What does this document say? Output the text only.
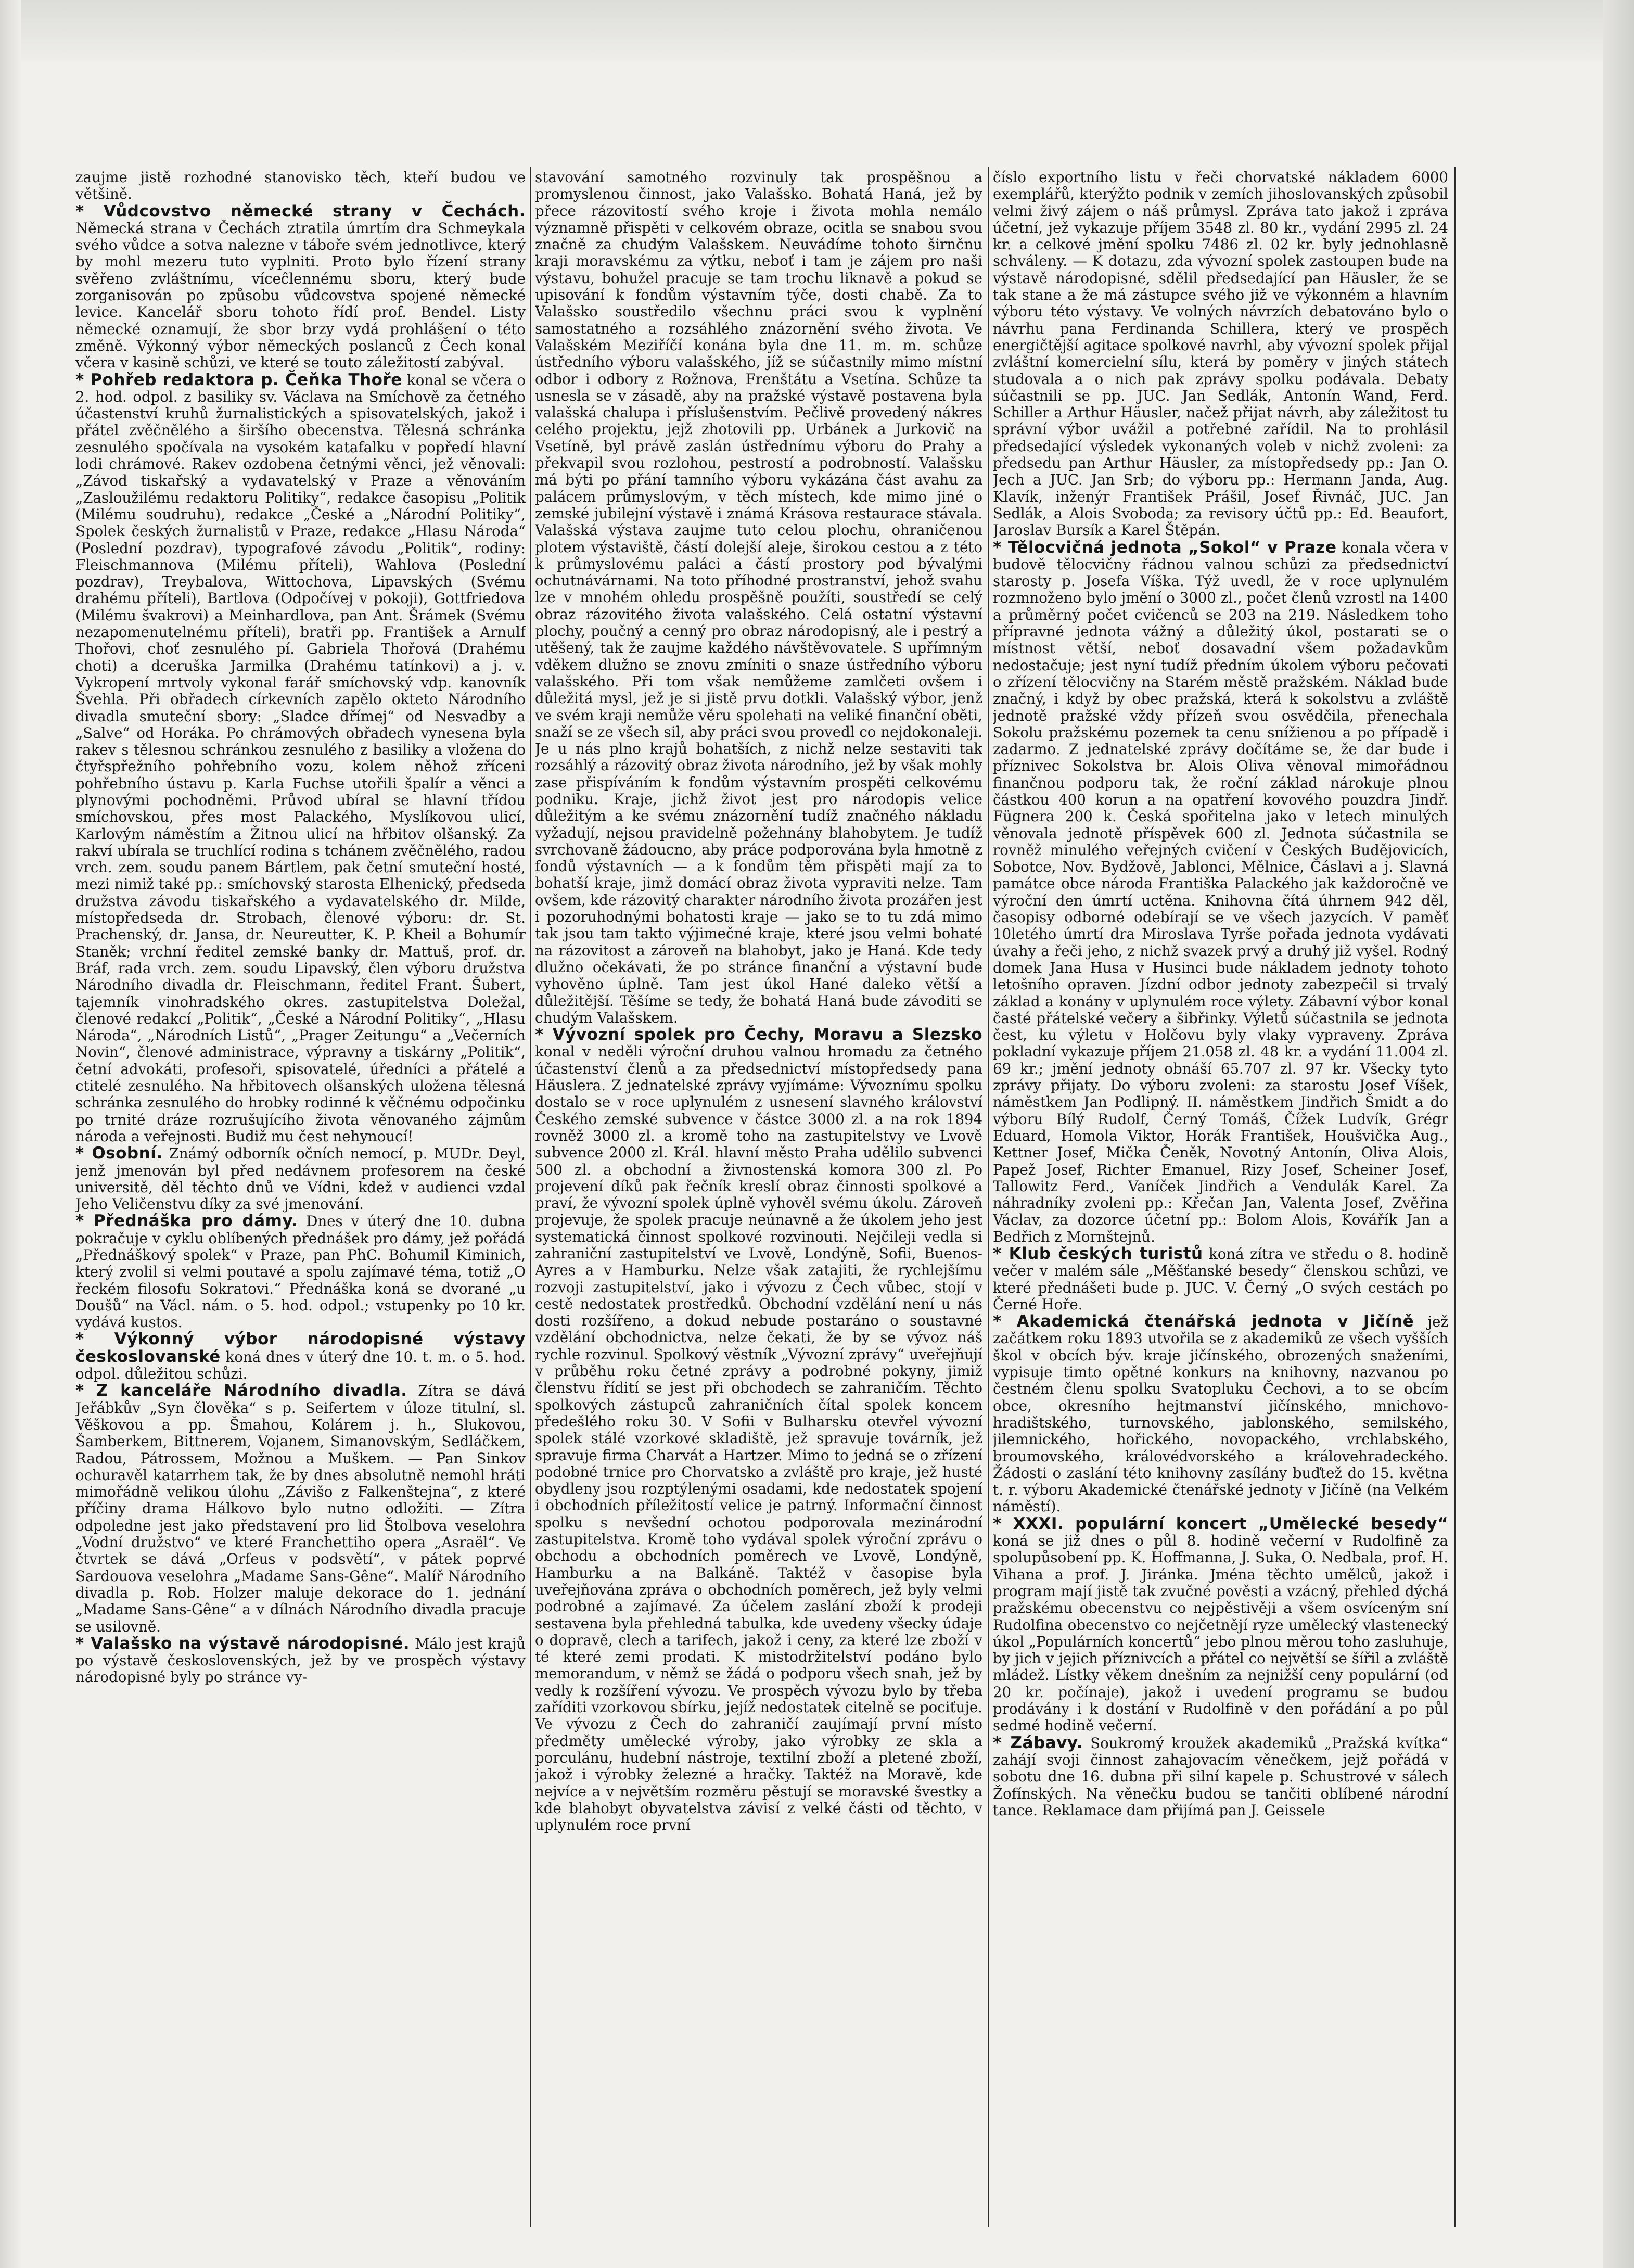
zaujme jistě rozhodné stanovisko těch, kteří budou ve většině.

* Vůdcovstvo německé strany v Čechách. Německá strana v Čechách ztratila úmrtím dra Schmeykala svého vůdce a sotva nalezne v táboře svém jednotlivce, který by mohl mezeru tuto vyplniti. Proto bylo řízení strany svěřeno zvláštnímu, víceĉlennému sboru, který bude zorganisován po způsobu vůdcovstva spojené německé levice. Kancelář sboru tohoto řídí prof. Bendel. Listy německé oznamují, že sbor brzy vydá prohlášení o této změně. Výkonný výbor německých poslanců z Čech konal včera v kasině schůzi, ve které se touto záležitostí zabýval.

* Pohřeb redaktora p. Čeňka Thoře konal se včera o 2. hod. odpol. z basiliky sv. Václava na Smíchově za četného účastenství kruhů žurnalistických a spisovatelských, jakož i přátel zvěčnělého a širšího obecenstva. Tělesná schránka zesnulého spočívala na vysokém katafalku v popředí hlavní lodi chrámové. Rakev ozdobena četnými věnci, jež věnovali: „Závod tiskařský a vydavatelský v Praze a věnováním „Zasloužilému redaktoru Politiky“, redakce časopisu „Politik (Milému soudruhu), redakce „České a „Národní Politiky“, Spolek českých žurnalistů v Praze, redakce „Hlasu Národa“ (Poslední pozdrav), typografové závodu „Politik“, rodiny: Fleischmannova (Milému příteli), Wahlova (Poslední pozdrav), Treybalova, Wittochova, Lipavských (Svému drahému příteli), Bartlova (Odpočívej v pokoji), Gottfriedova (Milému švakrovi) a Meinhardlova, pan Ant. Šrámek (Svému nezapomenutelnému příteli), bratři pp. František a Arnulf Thořovi, choť zesnulého pí. Gabriela Thořová (Drahému choti) a dceruška Jarmilka (Drahému tatínkovi) a j. v. Vykropení mrtvoly vykonal farář smíchovský vdp. kanovník Švehla. Při obřadech církevních zapělo okteto Národního divadla smuteční sbory: „Sladce dřímej“ od Nesvadby a „Salve“ od Horáka. Po chrámových obřadech vynesena byla rakev s tělesnou schránkou zesnulého z basiliky a vložena do čtyřspřežního pohřebního vozu, kolem něhož zříceni pohřebního ústavu p. Karla Fuchse utořili špalír a věnci a plynovými pochodněmi. Průvod ubíral se hlavní třídou smíchovskou, přes most Palackého, Myslíkovou ulicí, Karlovým náměstím a Žitnou ulicí na hřbitov olšanský. Za rakví ubírala se truchlící rodina s tchánem zvěčnělého, radou vrch. zem. soudu panem Bártlem, pak četní smuteční hosté, mezi nimiž také pp.: smíchovský starosta Elhenický, předseda družstva závodu tiskařského a vydavatelského dr. Milde, místopředseda dr. Strobach, členové výboru: dr. St. Prachenský, dr. Jansa, dr. Neureutter, K. P. Kheil a Bohumír Staněk; vrchní ředitel zemské banky dr. Mattuš, prof. dr. Bráf, rada vrch. zem. soudu Lipavský, člen výboru družstva Národního divadla dr. Fleischmann, ředitel Frant. Šubert, tajemník vinohradského okres. zastupitelstva Doležal, členové redakcí „Politik“, „České a Národní Politiky“, „Hlasu Národa“, „Národních Listů“, „Prager Zeitungu“ a „Večerních Novin“, členové administrace, výpravny a tiskárny „Politik“, četní advokáti, profesoři, spisovatelé, úředníci a přátelé a ctitelé zesnulého. Na hřbitovech olšanských uložena tělesná schránka zesnulého do hrobky rodinné k věčnému odpočinku po trnité dráze rozrušujícího života věnovaného zájmům národa a veřejnosti. Budiž mu čest nehynoucí!

* Osobní. Známý odborník očních nemocí, p. MUDr. Deyl, jenž jmenován byl před nedávnem profesorem na české universitě, děl těchto dnů ve Vídni, kdež v audienci vzdal Jeho Veličenstvu díky za své jmenování.

* Přednáška pro dámy. Dnes v úterý dne 10. dubna pokračuje v cyklu oblíbených přednášek pro dámy, jež pořádá „Přednáškový spolek“ v Praze, pan PhC. Bohumil Kiminich, který zvolil si velmi poutavé a spolu zajímavé téma, totiž „O řeckém filosofu Sokratovi.“ Přednáška koná se dvorané „u Doušů“ na Václ. nám. o 5. hod. odpol.; vstupenky po 10 kr. vydává kustos.

* Výkonný výbor národopisné výstavy českoslovanské koná dnes v úterý dne 10. t. m. o 5. hod. odpol. důležitou schůzi.

* Z kanceláře Národního divadla. Zítra se dává Jeřábkův „Syn člověka“ s p. Seifertem v úloze titulní, sl. Věškovou a pp. Šmahou, Kolárem j. h., Slukovou, Šamberkem, Bittnerem, Vojanem, Simanovským, Sedláčkem, Radou, Pátrossem, Možnou a Muškem. — Pan Sinkov ochuravěl katarrhem tak, že by dnes absolutně nemohl hráti mimořádně velikou úlohu „Závišo z Falkenštejna“, z které příčiny drama Hálkovo bylo nutno odložiti. — Zítra odpoledne jest jako představení pro lid Štolbova veselohra „Vodní družstvo“ ve které Franchettiho opera „Asraël“. Ve čtvrtek se dává „Orfeus v podsvětí“, v pátek poprvé Sardouova veselohra „Madame Sans-Gêne“. Malíř Národního divadla p. Rob. Holzer maluje dekorace do 1. jednání „Madame Sans-Gêne“ a v dílnách Národního divadla pracuje se usilovně.

* Valašsko na výstavě národopisné. Málo jest krajů po výstavě československých, jež by ve prospěch výstavy národopisné byly po stránce vy-

stavování samotného rozvinuly tak prospěšnou a promyslenou činnost, jako Valašsko. Bohatá Haná, jež by přece rázovitostí svého kroje i života mohla nemálo významně přispěti v celkovém obraze, ocitla se snabou svou značně za chudým Valašskem. Neuvádíme tohoto širnčnu kraji moravskému za výtku, neboť i tam je zájem pro naši výstavu, bohužel pracuje se tam trochu liknavě a pokud se upisování k fondům výstavním týče, dosti chabě. Za to Valašsko soustředilo všechnu práci svou k vyplnění samostatného a rozsáhlého znázornění svého života. Ve Valašském Meziříčí konána byla dne 11. m. m. schůze ústředního výboru valašského, jíž se súčastnily mimo místní odbor i odbory z Rožnova, Frenštátu a Vsetína. Schůze ta usnesla se v zásadě, aby na pražské výstavě postavena byla valašská chalupa i příslušenstvím. Pečlivě provedený nákres celého projektu, jejž zhotovili pp. Urbánek a Jurkovič na Vsetíně, byl právě zaslán ústřednímu výboru do Prahy a překvapil svou rozlohou, pestrostí a podrobností. Valašsku má býti po přání tamního výboru vykázána část avahu za palácem průmyslovým, v těch místech, kde mimo jiné o zemské jubilejní výstavě i známá Krásova restaurace stávala. Valašská výstava zaujme tuto celou plochu, ohraničenou plotem výstaviště, částí dolejší aleje, širokou cestou a z této k průmyslovému paláci a částí prostory pod bývalými ochutnávárnami. Na toto příhodné prostranství, jehož svahu lze v mnohém ohledu prospěšně použíti, soustředí se celý obraz rázovitého života valašského. Celá ostatní výstavní plochy, poučný a cenný pro obraz národopisný, ale i pestrý a utěšený, tak že zaujme každého návštěvovatele. S upřímným vděkem dlužno se znovu zmíniti o snaze ústředního výboru valašského. Při tom však nemůžeme zamlčeti ovšem i důležitá mysl, jež je si jistě prvu dotkli. Valašský výbor, jenž ve svém kraji nemůže věru spolehati na veliké finanční oběti, snaží se ze všech sil, aby práci svou provedl co nejdokonaleji. Je u nás plno krajů bohatších, z nichž nelze sestaviti tak rozsáhlý a rázovitý obraz života národního, jež by však mohly zase přispíváním k fondům výstavním prospěti celkovému podniku. Kraje, jichž život jest pro národopis velice důležitým a ke svému znázornění tudíž značného nákladu vyžadují, nejsou pravidelně požehnány blahobytem. Je tudíž svrchovaně žádoucno, aby práce podporována byla hmotně z fondů výstavních — a k fondům těm přispěti mají za to bohatší kraje, jimž domácí obraz života vypraviti nelze. Tam ovšem, kde rázovitý charakter národního života prozářen jest i pozoruhodnými bohatosti kraje — jako se to tu zdá mimo tak jsou tam takto výjimečné kraje, které jsou velmi bohaté na rázovitost a zároveň na blahobyt, jako je Haná. Kde tedy dlužno očekávati, že po stránce finanční a výstavní bude vyhověno úplně. Tam jest úkol Hané daleko větší a důležitější. Těšíme se tedy, že bohatá Haná bude závoditi se chudým Valašskem.

* Vývozní spolek pro Čechy, Moravu a Slezsko konal v neděli výroční druhou valnou hromadu za četného účastenství členů a za předsednictví místopředsedy pana Häuslera. Z jednatelské zprávy vyjímáme: Vývoznímu spolku dostalo se v roce uplynulém z usnesení slavného království Českého zemské subvence v částce 3000 zl. a na rok 1894 rovněž 3000 zl. a kromě toho na zastupitelstvy ve Lvově subvence 2000 zl. Král. hlavní město Praha udělilo subvenci 500 zl. a obchodní a živnostenská komora 300 zl. Po projevení díků pak řečník kreslí obraz činnosti spolkové a praví, že vývozní spolek úplně vyhověl svému úkolu. Zároveň projevuje, že spolek pracuje neúnavně a že úkolem jeho jest systematická činnost spolkové rozvinouti. Nejčileji vedla si zahraniční zastupitelství ve Lvově, Londýně, Sofii, Buenos-Ayres a v Hamburku. Nelze však zatajiti, že rychlejšímu rozvoji zastupitelství, jako i vývozu z Čech vůbec, stojí v cestě nedostatek prostředků. Obchodní vzdělání není u nás dosti rozšířeno, a dokud nebude postaráno o soustavné vzdělání obchodnictva, nelze čekati, že by se vývoz náš rychle rozvinul. Spolkový věstník „Vývozní zprávy“ uveřejňují v průběhu roku četné zprávy a podrobné pokyny, jimiž členstvu řídití se jest při obchodech se zahraničím. Těchto spolkových zástupců zahraničních čítal spolek koncem předešlého roku 30. V Sofii v Bulharsku otevřel vývozní spolek stálé vzorkové skladiště, jež spravuje továrník, jež spravuje firma Charvát a Hartzer. Mimo to jedná se o zřízení podobné trnice pro Chorvatsko a zvláště pro kraje, jež husté obydleny jsou rozptýlenými osadami, kde nedostatek spojení i obchodních příležitostí velice je patrný. Informační činnost spolku s nevšední ochotou podporovala mezinárodní zastupitelstva. Kromě toho vydával spolek výroční zprávu o obchodu a obchodních poměrech ve Lvově, Londýně, Hamburku a na Balkáně. Taktéž v časopise byla uveřejňována zpráva o obchodních poměrech, jež byly velmi podrobné a zajímavé. Za účelem zaslání zboží k prodeji sestavena byla přehledná tabulka, kde uvedeny všecky údaje o dopravě, clech a tarifech, jakož i ceny, za které lze zboží v té které zemi prodati. K mistodržitelství podáno bylo memorandum, v němž se žádá o podporu všech snah, jež by vedly k rozšíření vývozu. Ve prospěch vývozu bylo by třeba zaříditi vzorkovou sbírku, jejíž nedostatek citelně se pociťuje. Ve vývozu z Čech do zahraničí zaujímají první místo předměty umělecké výroby, jako výrobky ze skla a porculánu, hudební nástroje, textilní zboží a pletené zboží, jakož i výrobky železné a hračky. Taktéž na Moravě, kde nejvíce a v největším rozměru pěstují se moravské švestky a kde blahobyt obyvatelstva závisí z velké části od těchto, v uplynulém roce první

číslo exportního listu v řeči chorvatské nákladem 6000 exemplářů, kterýžto podnik v zemích jihoslovanských způsobil velmi živý zájem o náš průmysl. Zpráva tato jakož i zpráva účetní, jež vykazuje příjem 3548 zl. 80 kr., vydání 2995 zl. 24 kr. a celkové jmění spolku 7486 zl. 02 kr. byly jednohlasně schváleny. — K dotazu, zda vývozní spolek zastoupen bude na výstavě národopisné, sdělil předsedající pan Häusler, že se tak stane a že má zástupce svého již ve výkonném a hlavním výboru této výstavy. Ve volných návrzích debatováno bylo o návrhu pana Ferdinanda Schillera, který ve prospěch energičtější agitace spolkové navrhl, aby vývozní spolek přijal zvláštní komercielní sílu, která by poměry v jiných státech studovala a o nich pak zprávy spolku podávala. Debaty súčastnili se pp. JUC. Jan Sedlák, Antonín Wand, Ferd. Schiller a Arthur Häusler, načež přijat návrh, aby záležitost tu správní výbor uvážil a potřebné zařídil. Na to prohlásil předsedající výsledek vykonaných voleb v nichž zvoleni: za předsedu pan Arthur Häusler, za místopředsedy pp.: Jan O. Jech a JUC. Jan Srb; do výboru pp.: Hermann Janda, Aug. Klavík, inženýr František Prášil, Josef Řivnáč, JUC. Jan Sedlák, a Alois Svoboda; za revisory účtů pp.: Ed. Beaufort, Jaroslav Bursík a Karel Štěpán.

* Tělocvičná jednota „Sokol“ v Praze konala včera v budově tělocvičny řádnou valnou schůzi za předsednictví starosty p. Josefa Víška. Týž uvedl, že v roce uplynulém rozmnoženo bylo jmění o 3000 zl., počet členů vzrostl na 1400 a průměrný počet cvičenců se 203 na 219. Následkem toho přípravné jednota vážný a důležitý úkol, postarati se o místnost větší, neboť dosavadní všem požadavkům nedostačuje; jest nyní tudíž předním úkolem výboru pečovati o zřízení tělocvičny na Starém městě pražském. Náklad bude značný, i když by obec pražská, která k sokolstvu a zvláště jednotě pražské vždy přízeň svou osvědčila, přenechala Sokolu pražskému pozemek ta cenu snížienou a po případě i zadarmo. Z jednatelské zprávy dočítáme se, že dar bude i přízniveс Sokolstva br. Alois Oliva věnoval mimořádnou finančnou podporu tak, že roční základ nárokuje plnou částkou 400 korun a na opatření kovového pouzdra Jindř. Fügnera 200 k. Česká spořitelna jako v letech minulých věnovala jednotě příspěvek 600 zl. Jednota súčastnila se rovněž minulého veřejných cvičení v Českých Budějovicích, Sobotce, Nov. Bydžově, Jablonci, Mělnice, Čáslavi a j. Slavná památce obce národa Františka Palackého jak každoročně ve výroční den úmrtí uctěna. Knihovna čítá úhrnem 942 děl, časopisy odborné odebírají se ve všech jazycích. V paměť 10letého úmrtí dra Miroslava Tyrše pořada jednota vydávati úvahy a řeči jeho, z nichž svazek prvý a druhý již vyšel. Rodný domek Jana Husa v Husinci bude nákladem jednoty tohoto letošního opraven. Jízdní odbor jednoty zabezpečil si trvalý základ a konány v uplynulém roce výlety. Zábavní výbor konal časté přátelské večery a šibřinky. Výletů súčastnila se jednota čest, ku výletu v Holčovu byly vlaky vypraveny. Zpráva pokladní vykazuje příjem 21.058 zl. 48 kr. a vydání 11.004 zl. 69 kr.; jmění jednoty obnáší 65.707 zl. 97 kr. Všecky tyto zprávy přijaty. Do výboru zvoleni: za starostu Josef Víšek, náměstkem Jan Podlipný. II. náměstkem Jindřich Šmidt a do výboru Bílý Rudolf, Černý Tomáš, Čížek Ludvík, Grégr Eduard, Homola Viktor, Horák František, Houšvička Aug., Kettner Josef, Mička Čeněk, Novotný Antonín, Oliva Alois, Papež Josef, Richter Emanuel, Rizy Josef, Scheiner Josef, Tallowitz Ferd., Vaníček Jindřich a Vendulák Karel. Za náhradníky zvoleni pp.: Křečan Jan, Valenta Josef, Zvěřina Václav, za dozorce účetní pp.: Bolom Alois, Kovářík Jan a Bedřich z Mornštejnů.

* Klub českých turistů koná zítra ve středu o 8. hodině večer v malém sále „Měšťanské besedy“ členskou schůzi, ve které přednášeti bude p. JUC. V. Černý „O svých cestách po Černé Hoře.

* Akademická čtenářská jednota v Jičíně jež začátkem roku 1893 utvořila se z akademiků ze všech vyšších škol v obcích býv. kraje jičínského, obrozených snaženími, vypisuje timto opětné konkurs na knihovny, nazvanou po čestném členu spolku Svatopluku Čechovi, a to se obcím obce, okresního hejtmanství jičínského, mnichovo-hradištského, turnovského, jablonského, semilského, jilemnického, hořického, novopackého, vrchlabského, broumovského, královédvorského a královehradeckého. Žádosti o zaslání této knihovny zasílány buďtež do 15. května t. r. výboru Akademické čtenářské jednoty v Jičíně (na Velkém náměstí).

* XXXI. populární koncert „Umělecké besedy“ koná se již dnes o půl 8. hodině večerní v Rudolfině za spolupůsobení pp. K. Hoffmanna, J. Suka, O. Nedbala, prof. H. Vihana a prof. J. Jiránka. Jména těchto umělců, jakož i program mají jistě tak zvučné pověsti a vzácný, přehled dýchá pražskému obecenstvu co nejpěstivěji a všem osvíceným sní Rudolfina obecenstvo co nejčetnějí ryze umělecký vlastenecký úkol „Populárních koncertů“ jebo plnou měrou toho zasluhuje, by jich v jejich příznivcích a přátel co největší se šířil a zvláště mládež. Lístky věkem dnešním za nejnižší ceny populární (od 20 kr. počínaje), jakož i uvedení programu se budou prodávány i k dostání v Rudolfině v den pořádání a po půl sedmé hodině večerní.

* Zábavy. Soukromý kroužek akademiků „Pražská kvítka“ zahájí svoji činnost zahajovacím věnečkem, jejž pořádá v sobotu dne 16. dubna při silní kapele p. Schustrové v sálech Žofínských. Na věnečku budou se tančiti oblíbené národní tance. Reklamace dam přijímá pan J. Geissele
